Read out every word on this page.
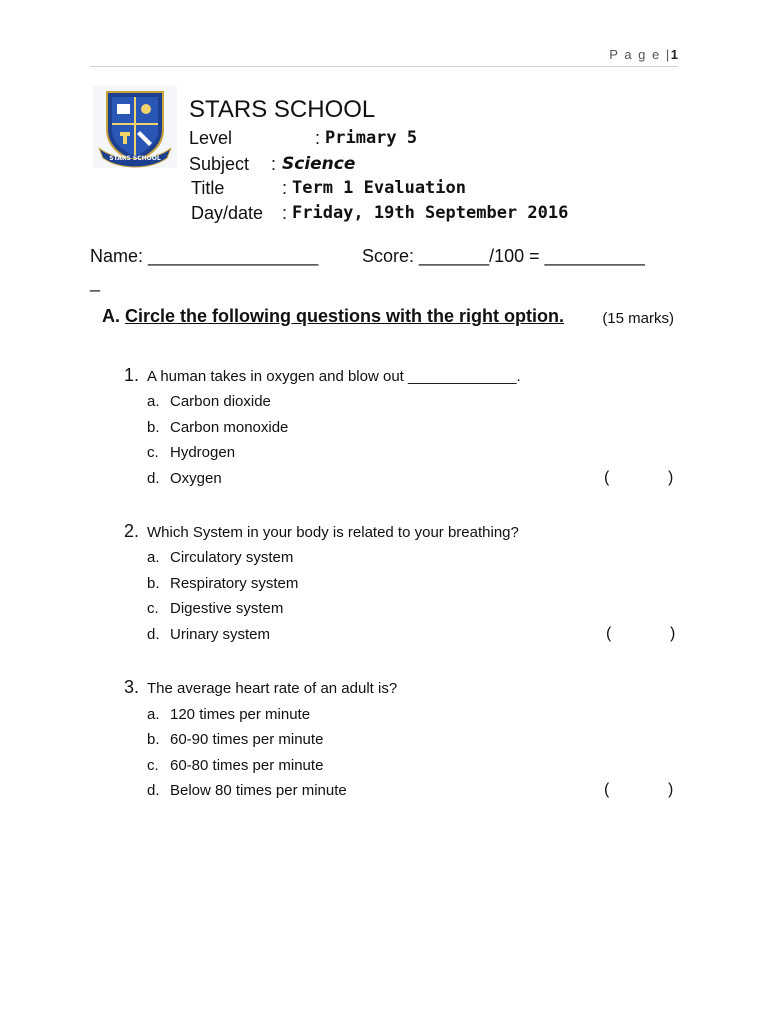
P a g e |1
STARS SCHOOL
STARS SCHOOL
Level	: Primary 5
Subject : Science
Title	: Term 1 Evaluation
Day/date : Friday, 19th September 2016
Name: _________________ Score: _______/100 = __________
_
A. Circle the following questions with the right option.	(15 marks)
1. A human takes in oxygen and blow out _____________.
a. Carbon dioxide
b. Carbon monoxide
c. Hydrogen
d. Oxygen	(	)
2. Which System in your body is related to your breathing?
a. Circulatory system
b. Respiratory system
c. Digestive system
d. Urinary system	(	)
3. The average heart rate of an adult is?
a. 120 times per minute
b. 60-90 times per minute
c. 60-80 times per minute
d. Below 80 times per minute	(	)
